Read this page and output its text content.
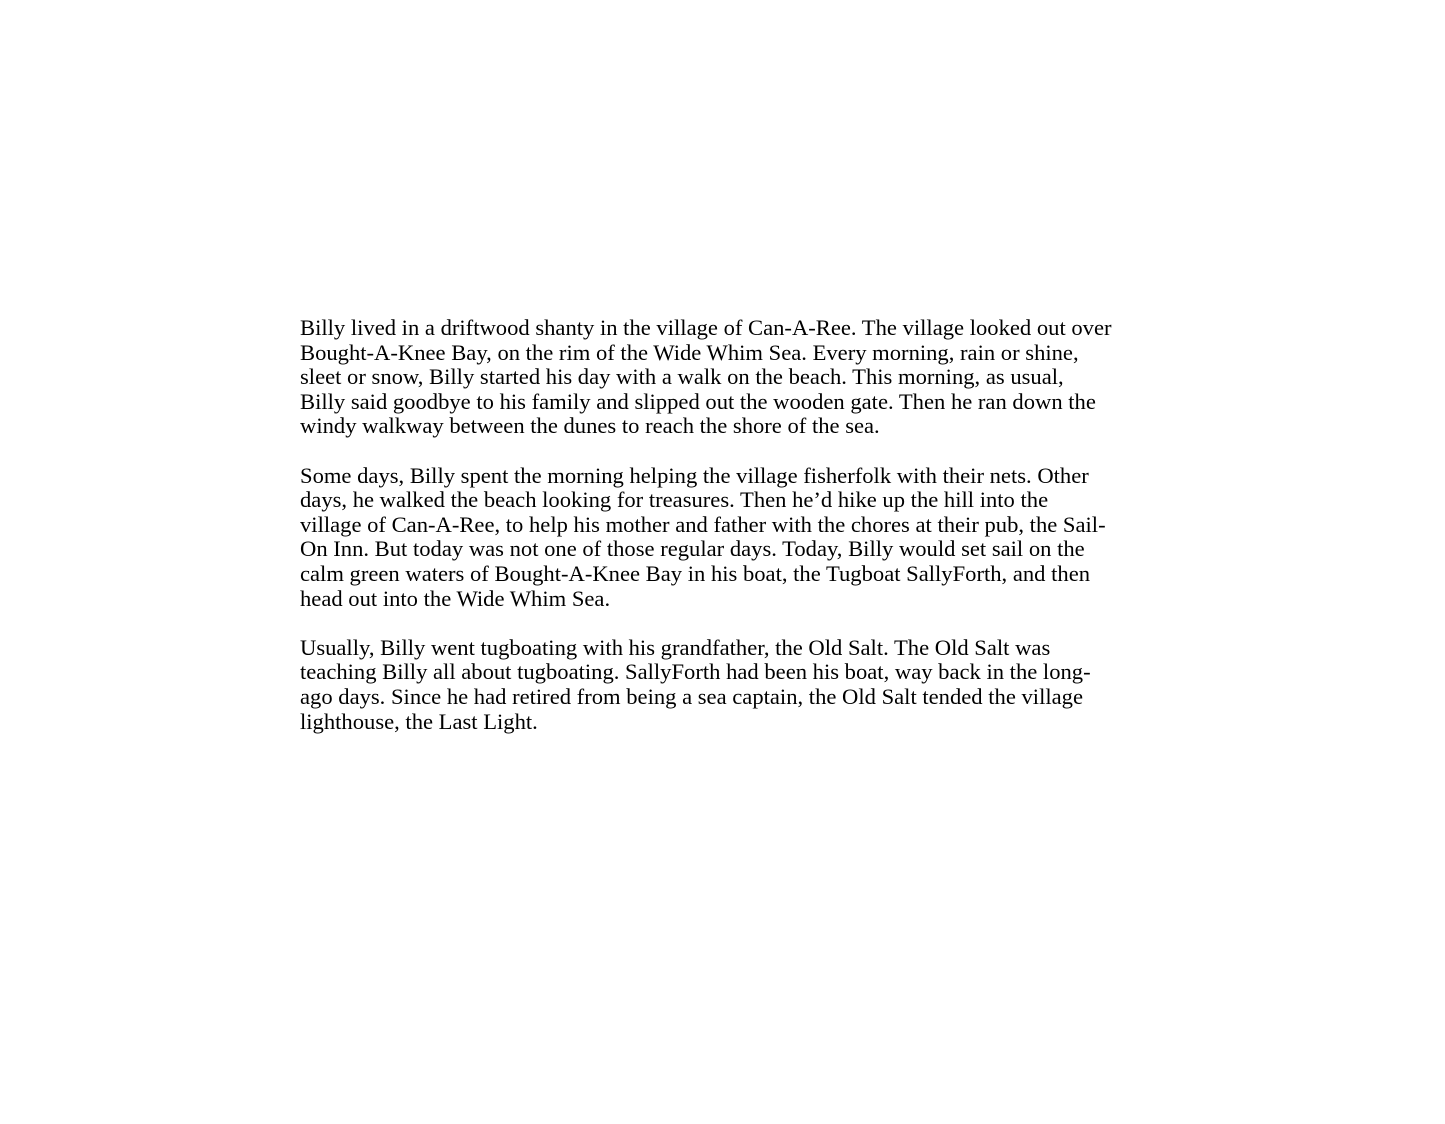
Billy lived in a driftwood shanty in the village of Can-A-Ree. The village looked out over
Bought-A-Knee Bay, on the rim of the Wide Whim Sea. Every morning, rain or shine,
sleet or snow, Billy started his day with a walk on the beach. This morning, as usual,
Billy said goodbye to his family and slipped out the wooden gate. Then he ran down the
windy walkway between the dunes to reach the shore of the sea.

Some days, Billy spent the morning helping the village fisherfolk with their nets. Other
days, he walked the beach looking for treasures. Then he’d hike up the hill into the
village of Can-A-Ree, to help his mother and father with the chores at their pub, the Sail-
On Inn. But today was not one of those regular days. Today, Billy would set sail on the
calm green waters of Bought-A-Knee Bay in his boat, the Tugboat SallyForth, and then
head out into the Wide Whim Sea.

Usually, Billy went tugboating with his grandfather, the Old Salt. The Old Salt was
teaching Billy all about tugboating. SallyForth had been his boat, way back in the long-
ago days. Since he had retired from being a sea captain, the Old Salt tended the village
lighthouse, the Last Light.
